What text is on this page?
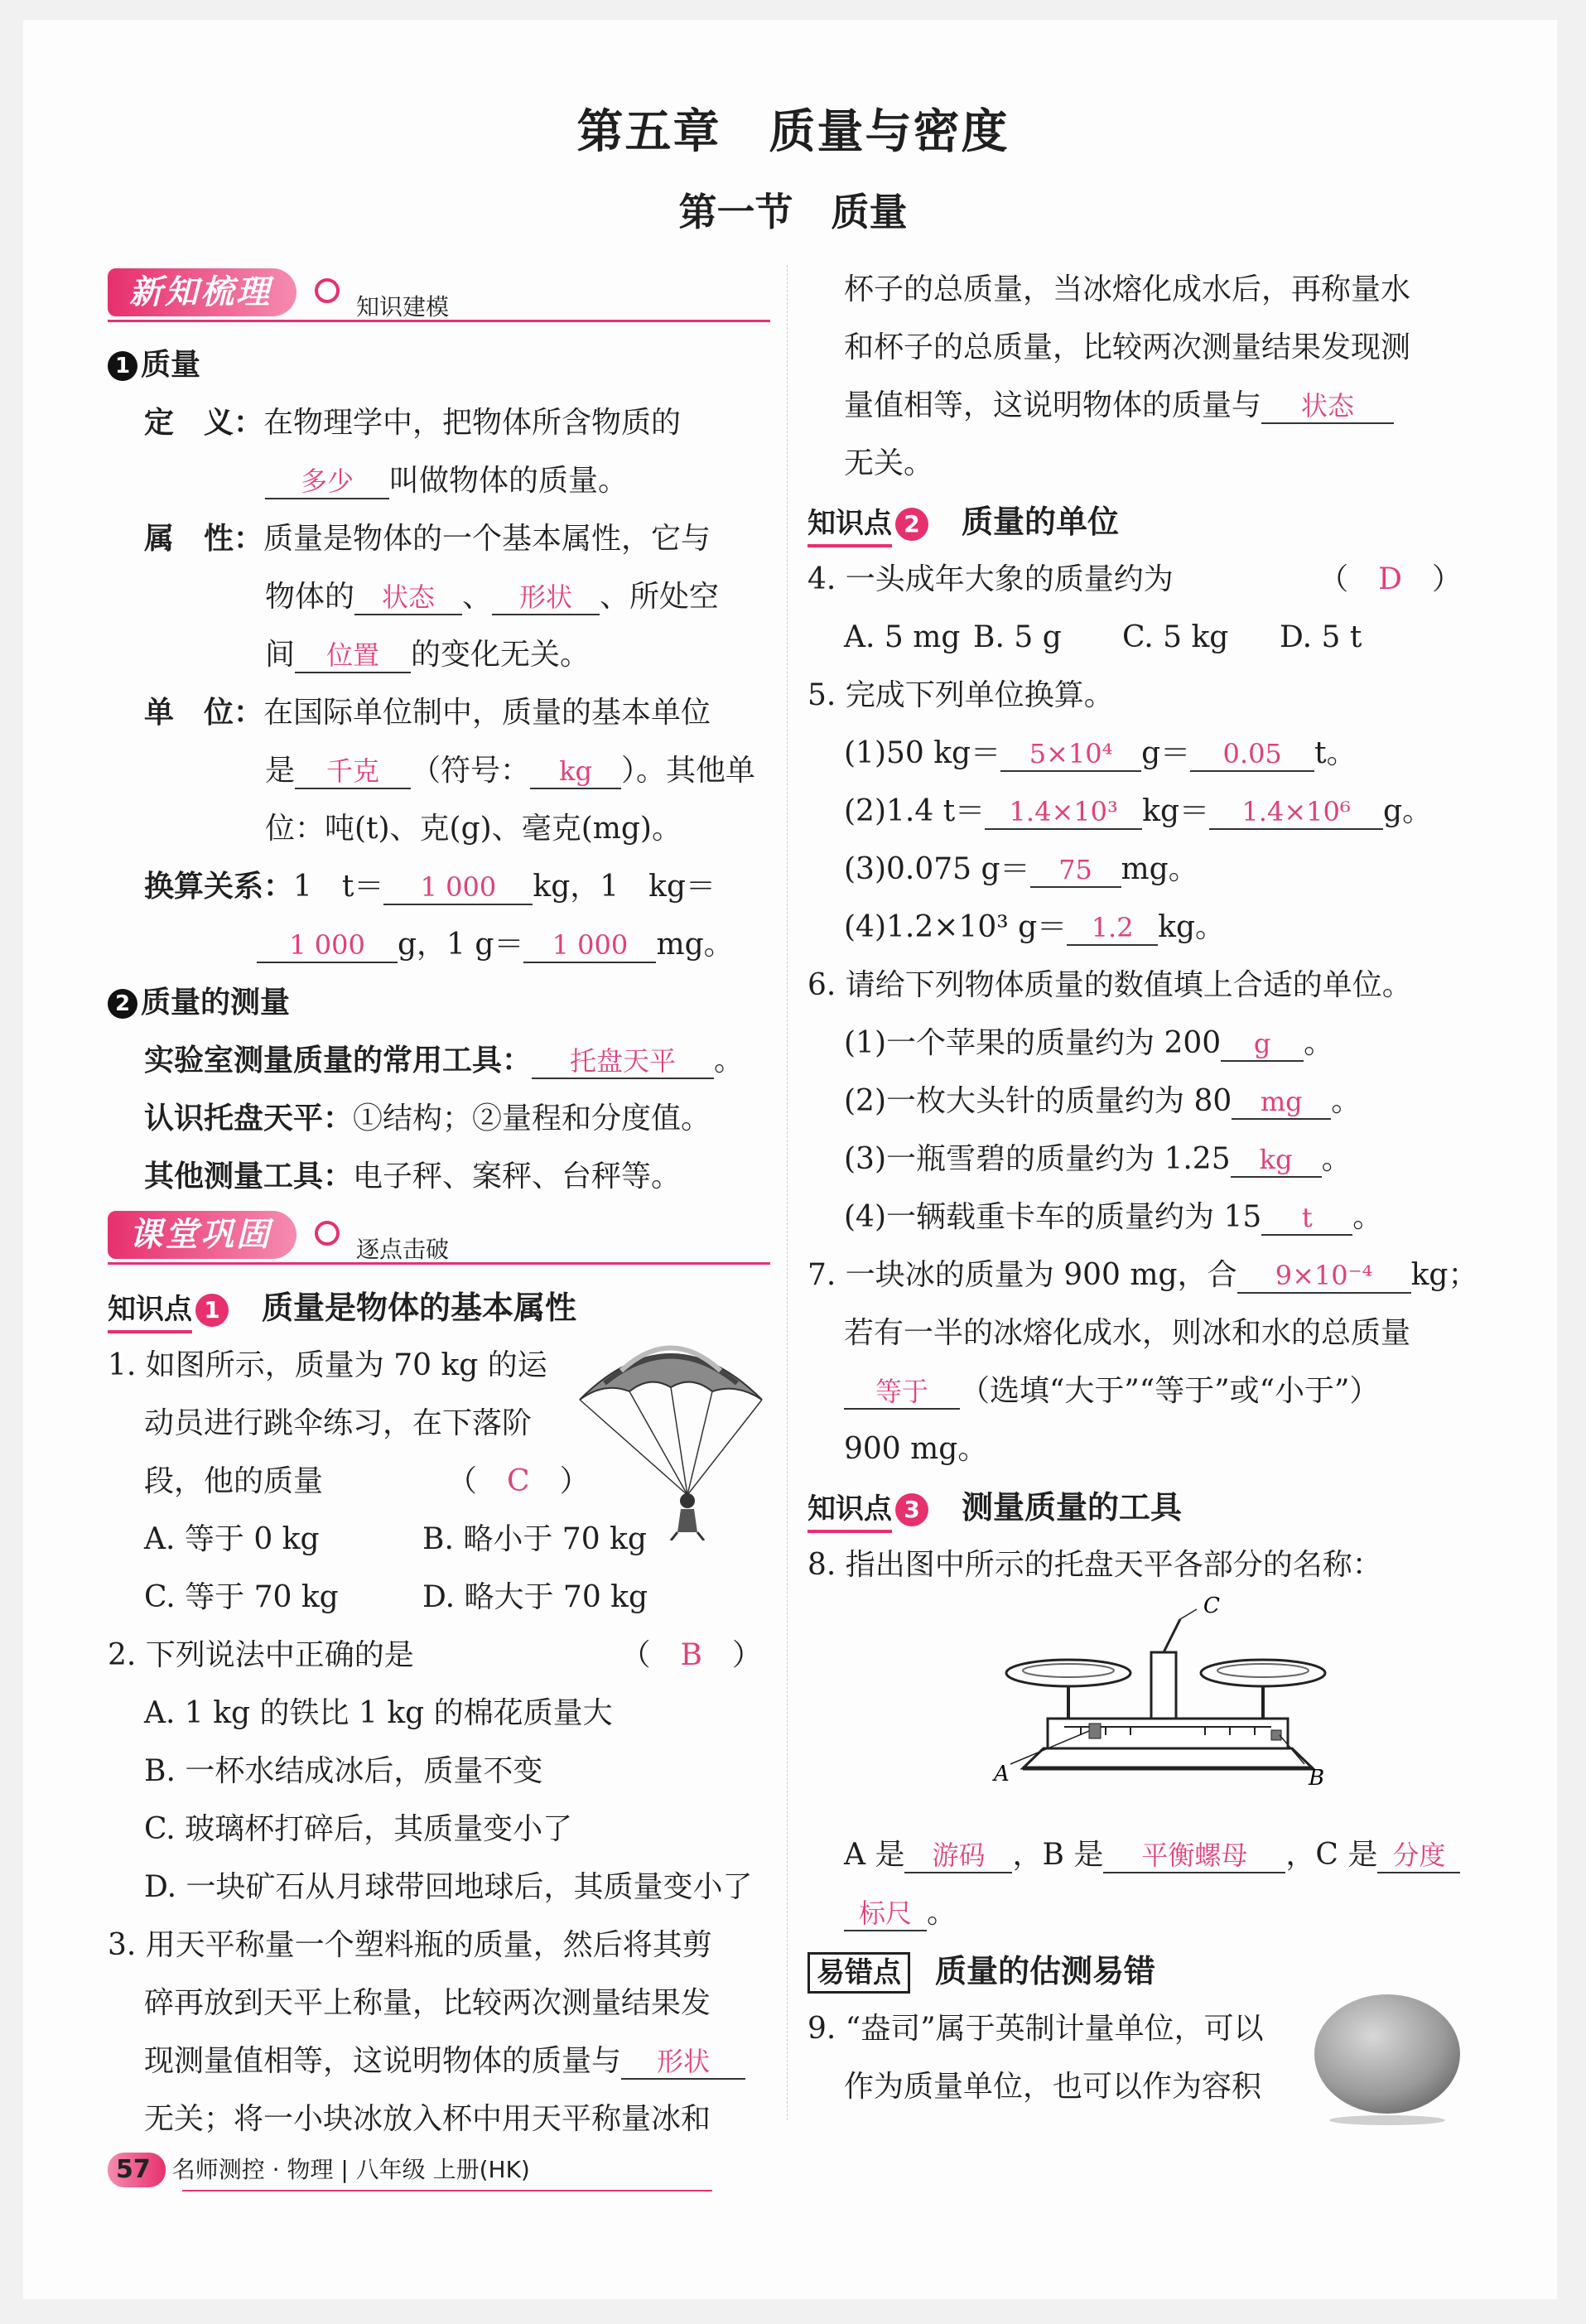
第五章　质量与密度
第一节　质量
新知梳理	知识建模
1 质量
定　义：在物理学中，把物体所含物质的
多少 叫做物体的质量。
属　性：质量是物体的一个基本属性，它与
物体的 状态 、 形状 、所处空
间 位置 的变化无关。
单　位：在国际单位制中，质量的基本单位
是 千克 （符号： kg ）。其他单
位：吨(t)、克(g)、毫克(mg)。
换算关系：1　t＝ 1 000 kg，1　kg＝
1 000 g，1 g＝ 1 000 mg。
2 质量的测量
实验室测量质量的常用工具： 托盘天平 。
认识托盘天平：①结构；②量程和分度值。
其他测量工具：电子秤、案秤、台秤等。
课堂巩固	逐点击破
知识点 1 质量是物体的基本属性
1. 如图所示，质量为 70 kg 的运
动员进行跳伞练习，在下落阶
段，他的质量	（　C　）
A. 等于 0 kg	B. 略小于 70 kg
C. 等于 70 kg	D. 略大于 70 kg
2. 下列说法中正确的是	（　B　）
A. 1 kg 的铁比 1 kg 的棉花质量大
B. 一杯水结成冰后，质量不变
C. 玻璃杯打碎后，其质量变小了
D. 一块矿石从月球带回地球后，其质量变小了
3. 用天平称量一个塑料瓶的质量，然后将其剪
碎再放到天平上称量，比较两次测量结果发
现测量值相等，这说明物体的质量与 形状
无关；将一小块冰放入杯中用天平称量冰和
杯子的总质量，当冰熔化成水后，再称量水
和杯子的总质量，比较两次测量结果发现测
量值相等，这说明物体的质量与 状态
无关。
知识点 2 质量的单位
4. 一头成年大象的质量约为	（　D　）
A. 5 mg B. 5 g C. 5 kg D. 5 t
5. 完成下列单位换算。
(1)50 kg＝ 5×10⁴ g＝ 0.05 t。
(2)1.4 t＝ 1.4×10³ kg＝ 1.4×10⁶ g。
(3)0.075 g＝ 75 mg。
(4)1.2×10³ g＝ 1.2 kg。
6. 请给下列物体质量的数值填上合适的单位。
(1)一个苹果的质量约为 200 g 。
(2)一枚大头针的质量约为 80 mg 。
(3)一瓶雪碧的质量约为 1.25 kg 。
(4)一辆载重卡车的质量约为 15 t 。
7. 一块冰的质量为 900 mg，合 9×10⁻⁴ kg；
若有一半的冰熔化成水，则冰和水的总质量
等于 （选填“大于”“等于”或“小于”）
900 mg。
知识点 3 测量质量的工具
8. 指出图中所示的托盘天平各部分的名称：
C
A	B
A 是 游码 ，B 是 平衡螺母 ，C 是 分度
标尺 。
易错点 质量的估测易错
9. “盎司”属于英制计量单位，可以
作为质量单位，也可以作为容积
57 名师测控 · 物理 | 八年级 上册(HK)
